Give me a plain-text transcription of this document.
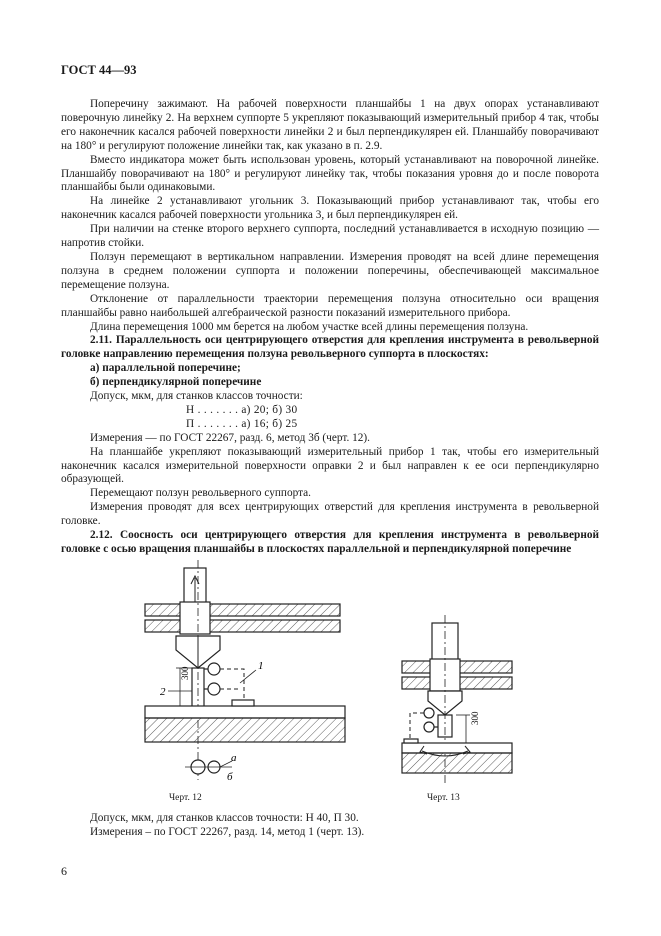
ГОСТ 44—93

Поперечину зажимают. На рабочей поверхности планшайбы 1 на двух опорах устанавливают поверочную линейку 2. На верхнем суппорте 5 укрепляют показывающий измерительный прибор 4 так, чтобы его наконечник касался рабочей поверхности линейки 2 и был перпендикулярен ей. Планшайбу поворачивают на 180° и регулируют положение линейки так, как указано в п. 2.9.

Вместо индикатора может быть использован уровень, который устанавливают на поворочной линейке. Планшайбу поворачивают на 180° и регулируют линейку так, чтобы показания уровня до и после поворота планшайбы были одинаковыми.

На линейке 2 устанавливают угольник 3. Показывающий прибор устанавливают так, чтобы его наконечник касался рабочей поверхности угольника 3, и был перпендикулярен ей.

При наличии на стенке второго верхнего суппорта, последний устанавливается в исходную позицию — напротив стойки.

Ползун перемещают в вертикальном направлении. Измерения проводят на всей длине перемещения ползуна в среднем положении суппорта и положении поперечины, обеспечивающей максимальное перемещение ползуна.

Отклонение от параллельности траектории перемещения ползуна относительно оси вращения планшайбы равно наибольшей алгебраической разности показаний измерительного прибора.

Длина перемещения 1000 мм берется на любом участке всей длины перемещения ползуна.

2.11. Параллельность оси центрирующего отверстия для крепления инструмента в револьверной головке направлению перемещения ползуна револьверного суппорта в плоскостях:

а) параллельной поперечине;

б) перпендикулярной поперечине

Допуск, мкм, для станков классов точности:

Н . . . . . . . а) 20; б) 30

П . . . . . . . а) 16; б) 25

Измерения — по ГОСТ 22267, разд. 6, метод 3б (черт. 12).

На планшайбе укрепляют показывающий измерительный прибор 1 так, чтобы его измерительный наконечник касался измерительной поверхности оправки 2 и был направлен к ее оси перпендикулярно образующей.

Перемещают ползун револьверного суппорта.

Измерения проводят для всех центрирующих отверстий для крепления инструмента в револьверной головке.

2.12. Соосность оси центрирующего отверстия для крепления инструмента в револьверной головке с осью вращения планшайбы в плоскостях параллельной и перпендикулярной поперечине

300
1
2
а
б
300
Черт. 12	Черт. 13

Допуск, мкм, для станков классов точности: Н 40, П 30.

Измерения – по ГОСТ 22267, разд. 14, метод 1 (черт. 13).

6
